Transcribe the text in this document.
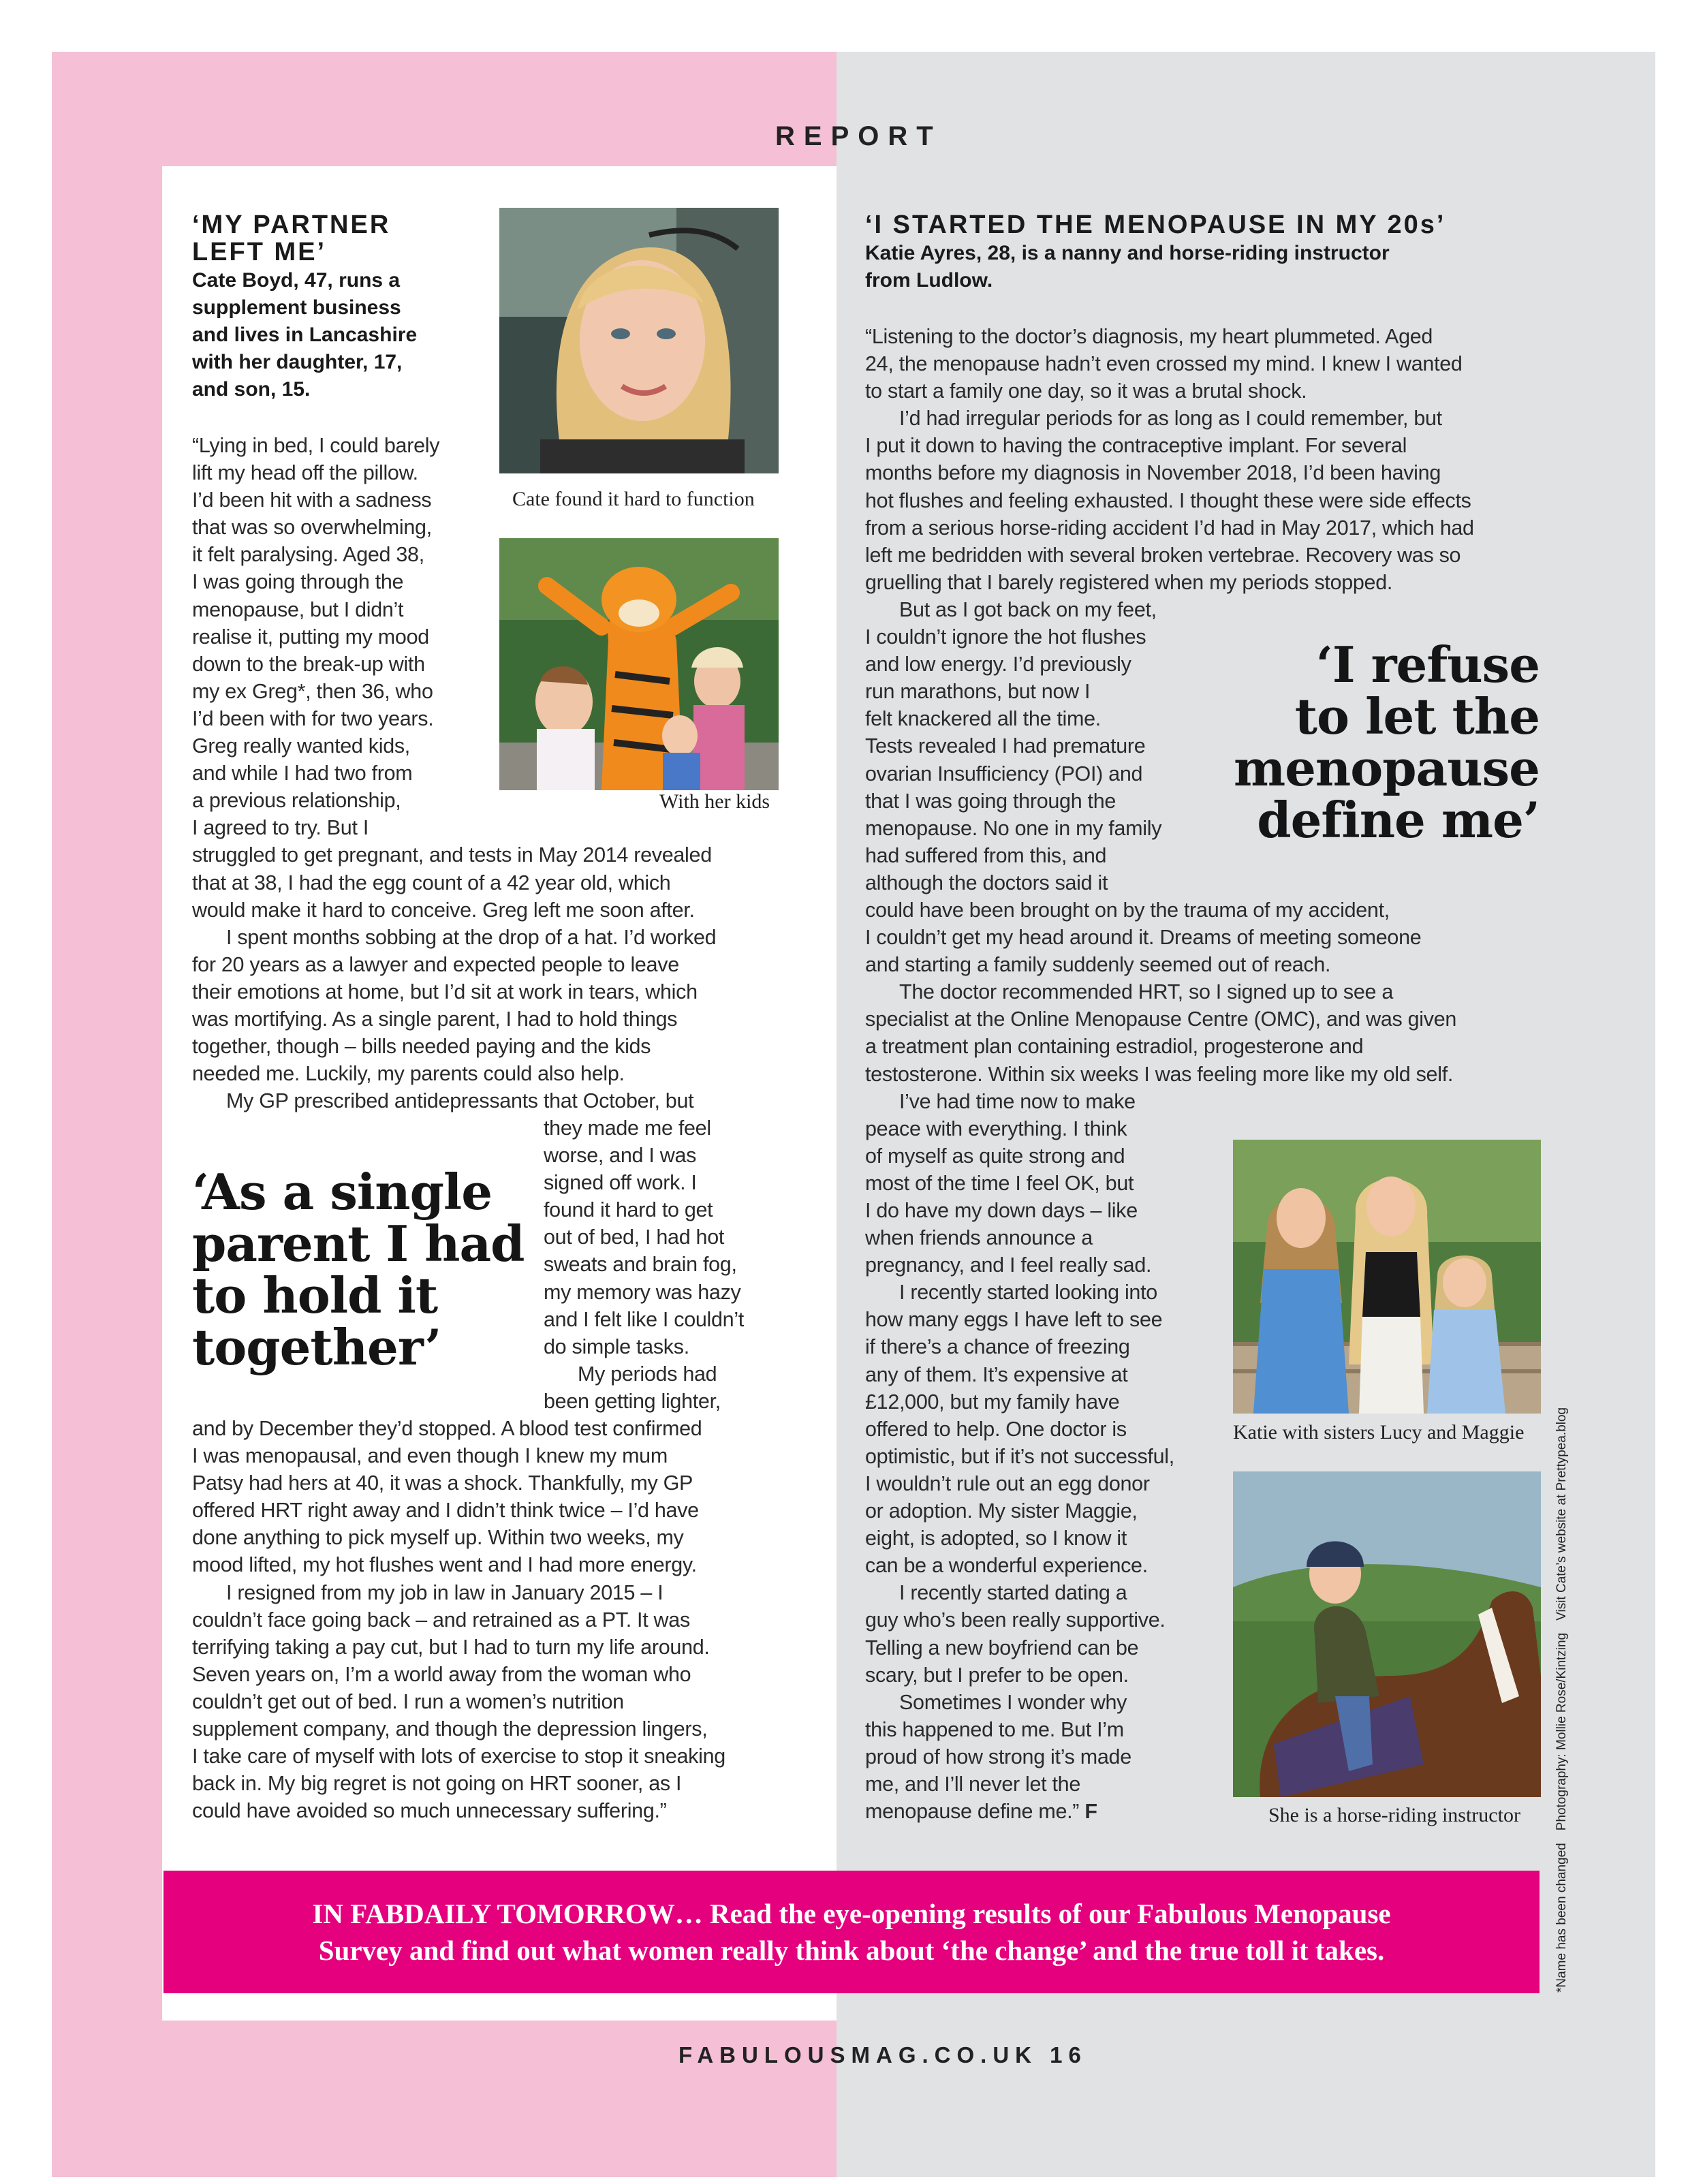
REPORT
‘MY PARTNER
LEFT ME’
Cate Boyd, 47, runs a
supplement business
and lives in Lancashire
with her daughter, 17,
and son, 15.
Cate found it hard to function
With her kids
“Lying in bed, I could barely
lift my head off the pillow.
I’d been hit with a sadness
that was so overwhelming,
it felt paralysing. Aged 38,
I was going through the
menopause, but I didn’t
realise it, putting my mood
down to the break-up with
my ex Greg*, then 36, who
I’d been with for two years.
Greg really wanted kids,
and while I had two from
a previous relationship,
I agreed to try. But I
struggled to get pregnant, and tests in May 2014 revealed
that at 38, I had the egg count of a 42 year old, which
would make it hard to conceive. Greg left me soon after.
I spent months sobbing at the drop of a hat. I’d worked
for 20 years as a lawyer and expected people to leave
their emotions at home, but I’d sit at work in tears, which
was mortifying. As a single parent, I had to hold things
together, though – bills needed paying and the kids
needed me. Luckily, my parents could also help.
My GP prescribed antidepressants that October, but
they made me feel
worse, and I was
signed off work. I
found it hard to get
out of bed, I had hot
sweats and brain fog,
my memory was hazy
and I felt like I couldn’t
do simple tasks.
My periods had
been getting lighter,
‘As a single
parent I had
to hold it
together’
and by December they’d stopped. A blood test confirmed
I was menopausal, and even though I knew my mum
Patsy had hers at 40, it was a shock. Thankfully, my GP
offered HRT right away and I didn’t think twice – I’d have
done anything to pick myself up. Within two weeks, my
mood lifted, my hot flushes went and I had more energy.
I resigned from my job in law in January 2015 – I
couldn’t face going back – and retrained as a PT. It was
terrifying taking a pay cut, but I had to turn my life around.
Seven years on, I’m a world away from the woman who
couldn’t get out of bed. I run a women’s nutrition
supplement company, and though the depression lingers,
I take care of myself with lots of exercise to stop it sneaking
back in. My big regret is not going on HRT sooner, as I
could have avoided so much unnecessary suffering.”
‘I STARTED THE MENOPAUSE IN MY 20s’
Katie Ayres, 28, is a nanny and horse-riding instructor
from Ludlow.
“Listening to the doctor’s diagnosis, my heart plummeted. Aged
24, the menopause hadn’t even crossed my mind. I knew I wanted
to start a family one day, so it was a brutal shock.
I’d had irregular periods for as long as I could remember, but
I put it down to having the contraceptive implant. For several
months before my diagnosis in November 2018, I’d been having
hot flushes and feeling exhausted. I thought these were side effects
from a serious horse-riding accident I’d had in May 2017, which had
left me bedridden with several broken vertebrae. Recovery was so
gruelling that I barely registered when my periods stopped.
But as I got back on my feet,
I couldn’t ignore the hot flushes
and low energy. I’d previously
run marathons, but now I
felt knackered all the time.
Tests revealed I had premature
ovarian Insufficiency (POI) and
that I was going through the
menopause. No one in my family
had suffered from this, and
although the doctors said it
could have been brought on by the trauma of my accident,
I couldn’t get my head around it. Dreams of meeting someone
and starting a family suddenly seemed out of reach.
The doctor recommended HRT, so I signed up to see a
specialist at the Online Menopause Centre (OMC), and was given
a treatment plan containing estradiol, progesterone and
testosterone. Within six weeks I was feeling more like my old self.
I’ve had time now to make
peace with everything. I think
of myself as quite strong and
most of the time I feel OK, but
I do have my down days – like
when friends announce a
pregnancy, and I feel really sad.
I recently started looking into
how many eggs I have left to see
if there’s a chance of freezing
any of them. It’s expensive at
£12,000, but my family have
offered to help. One doctor is
optimistic, but if it’s not successful,
I wouldn’t rule out an egg donor
or adoption. My sister Maggie,
eight, is adopted, so I know it
can be a wonderful experience.
I recently started dating a
guy who’s been really supportive.
Telling a new boyfriend can be
scary, but I prefer to be open.
Sometimes I wonder why
this happened to me. But I’m
proud of how strong it’s made
me, and I’ll never let the
menopause define me.” F
‘I refuse
to let the
menopause
define me’
Katie with sisters Lucy and Maggie
She is a horse-riding instructor
IN FABDAILY TOMORROW… Read the eye-opening results of our Fabulous Menopause
Survey and find out what women really think about ‘the change’ and the true toll it takes.
FABULOUSMAG.CO.UK 16
*Name has been changedPhotography: Mollie Rose/KintzingVisit Cate’s website at Prettypea.blog
